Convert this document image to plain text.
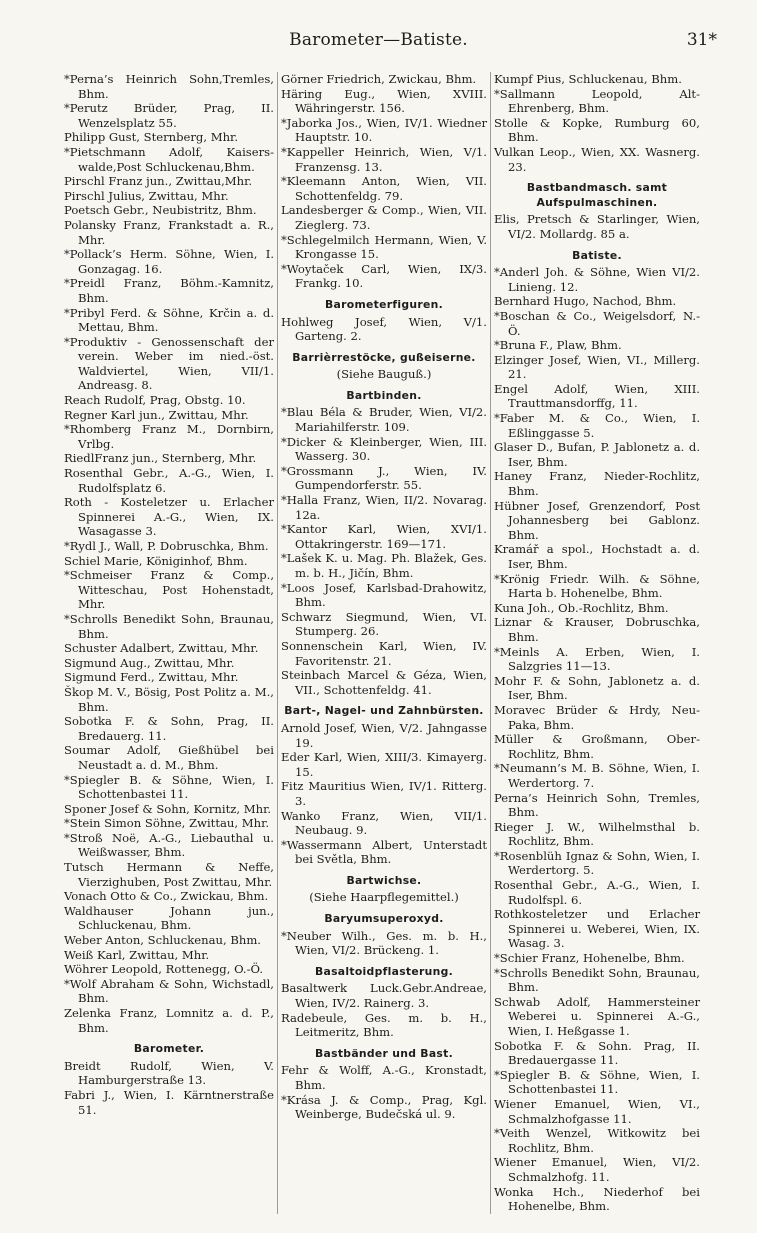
Barometer—Batiste.	31*
*Perna’s Heinrich Sohn,Tremles, Bhm.
*Perutz Brüder, Prag, II. Wenzelsplatz 55.
Philipp Gust, Sternberg, Mhr.
*Pietschmann Adolf, Kaisers-walde,Post Schluckenau,Bhm.
Pirschl Franz jun., Zwittau,Mhr.
Pirschl Julius, Zwittau, Mhr.
Poetsch Gebr., Neubistritz, Bhm.
Polansky Franz, Frankstadt a. R., Mhr.
*Pollack’s Herm. Söhne, Wien, I. Gonzagag. 16.
*Preidl Franz, Böhm.-Kamnitz, Bhm.
*Pribyl Ferd. & Söhne, Krčin a. d. Mettau, Bhm.
*Produktiv - Genossenschaft der verein. Weber im nied.-öst. Waldviertel, Wien, VII/1. Andreasg. 8.
Reach Rudolf, Prag, Obstg. 10.
Regner Karl jun., Zwittau, Mhr.
*Rhomberg Franz M., Dornbirn, Vrlbg.
RiedlFranz jun., Sternberg, Mhr.
Rosenthal Gebr., A.-G., Wien, I. Rudolfsplatz 6.
Roth - Kosteletzer u. Erlacher Spinnerei A.-G., Wien, IX. Wasagasse 3.
*Rydl J., Wall, P. Dobruschka, Bhm.
Schiel Marie, Königinhof, Bhm.
*Schmeiser Franz & Comp., Witteschau, Post Hohenstadt, Mhr.
*Schrolls Benedikt Sohn, Braunau, Bhm.
Schuster Adalbert, Zwittau, Mhr.
Sigmund Aug., Zwittau, Mhr.
Sigmund Ferd., Zwittau, Mhr.
Škop M. V., Bösig, Post Politz a. M., Bhm.
Sobotka F. & Sohn, Prag, II. Bredauerg. 11.
Soumar Adolf, Gießhübel bei Neustadt a. d. M., Bhm.
*Spiegler B. & Söhne, Wien, I. Schottenbastei 11.
Sponer Josef & Sohn, Kornitz, Mhr.
*Stein Simon Söhne, Zwittau, Mhr.
*Stroß Noë, A.-G., Liebauthal u. Weißwasser, Bhm.
Tutsch Hermann & Neffe, Vierzighuben, Post Zwittau, Mhr.
Vonach Otto & Co., Zwickau, Bhm.
Waldhauser Johann jun., Schluckenau, Bhm.
Weber Anton, Schluckenau, Bhm.
Weiß Karl, Zwittau, Mhr.
Wöhrer Leopold, Rottenegg, O.-Ö.
*Wolf Abraham & Sohn, Wichstadl, Bhm.
Zelenka Franz, Lomnitz a. d. P., Bhm.
Barometer.
Breidt Rudolf, Wien, V. Hamburgerstraße 13.
Fabri J., Wien, I. Kärntnerstraße 51.
Görner Friedrich, Zwickau, Bhm.
Häring Eug., Wien, XVIII. Währingerstr. 156.
*Jaborka Jos., Wien, IV/1. Wiedner Hauptstr. 10.
*Kappeller Heinrich, Wien, V/1. Franzensg. 13.
*Kleemann Anton, Wien, VII. Schottenfeldg. 79.
Landesberger & Comp., Wien, VII. Zieglerg. 73.
*Schlegelmilch Hermann, Wien, V. Krongasse 15.
*Woytaček Carl, Wien, IX/3. Frankg. 10.
Barometerfiguren.
Hohlweg Josef, Wien, V/1. Garteng. 2.
Barrièrrestöcke, gußeiserne.
(Siehe Bauguß.)
Bartbinden.
*Blau Béla & Bruder, Wien, VI/2. Mariahilferstr. 109.
*Dicker & Kleinberger, Wien, III. Wasserg. 30.
*Grossmann J., Wien, IV. Gumpendorferstr. 55.
*Halla Franz, Wien, II/2. Novarag. 12a.
*Kantor Karl, Wien, XVI/1. Ottakringerstr. 169—171.
*Lašek K. u. Mag. Ph. Blažek, Ges. m. b. H., Jičín, Bhm.
*Loos Josef, Karlsbad-Drahowitz, Bhm.
Schwarz Siegmund, Wien, VI. Stumperg. 26.
Sonnenschein Karl, Wien, IV. Favoritenstr. 21.
Steinbach Marcel & Géza, Wien, VII., Schottenfeldg. 41.
Bart-, Nagel- und Zahnbürsten.
Arnold Josef, Wien, V/2. Jahngasse 19.
Eder Karl, Wien, XIII/3. Kimayerg. 15.
Fitz Mauritius Wien, IV/1. Ritterg. 3.
Wanko Franz, Wien, VII/1. Neubaug. 9.
*Wassermann Albert, Unterstadt bei Světla, Bhm.
Bartwichse.
(Siehe Haarpflegemittel.)
Baryumsuperoxyd.
*Neuber Wilh., Ges. m. b. H., Wien, VI/2. Brückeng. 1.
Basaltoidpflasterung.
Basaltwerk Luck.Gebr.Andreae, Wien, IV/2. Rainerg. 3.
Radebeule, Ges. m. b. H., Leitmeritz, Bhm.
Bastbänder und Bast.
Fehr & Wolff, A.-G., Kronstadt, Bhm.
*Krása J. & Comp., Prag, Kgl. Weinberge, Budečská ul. 9.
Kumpf Pius, Schluckenau, Bhm.
*Sallmann Leopold, Alt-Ehrenberg, Bhm.
Stolle & Kopke, Rumburg 60, Bhm.
Vulkan Leop., Wien, XX. Wasnerg. 23.
Bastbandmasch. samt Aufspulmaschinen.
Elis, Pretsch & Starlinger, Wien, VI/2. Mollardg. 85 a.
Batiste.
*Anderl Joh. & Söhne, Wien VI/2. Linieng. 12.
Bernhard Hugo, Nachod, Bhm.
*Boschan & Co., Weigelsdorf, N.-Ö.
*Bruna F., Plaw, Bhm.
Elzinger Josef, Wien, VI., Millerg. 21.
Engel Adolf, Wien, XIII. Trauttmansdorffg, 11.
*Faber M. & Co., Wien, I. Eßlinggasse 5.
Glaser D., Bufan, P. Jablonetz a. d. Iser, Bhm.
Haney Franz, Nieder-Rochlitz, Bhm.
Hübner Josef, Grenzendorf, Post Johannesberg bei Gablonz. Bhm.
Kramář a spol., Hochstadt a. d. Iser, Bhm.
*Krönig Friedr. Wilh. & Söhne, Harta b. Hohenelbe, Bhm.
Kuna Joh., Ob.-Rochlitz, Bhm.
Liznar & Krauser, Dobruschka, Bhm.
*Meinls A. Erben, Wien, I. Salzgries 11—13.
Mohr F. & Sohn, Jablonetz a. d. Iser, Bhm.
Moravec Brüder & Hrdy, Neu-Paka, Bhm.
Müller & Großmann, Ober-Rochlitz, Bhm.
*Neumann’s M. B. Söhne, Wien, I. Werdertorg. 7.
Perna’s Heinrich Sohn, Tremles, Bhm.
Rieger J. W., Wilhelmsthal b. Rochlitz, Bhm.
*Rosenblüh Ignaz & Sohn, Wien, I. Werdertorg. 5.
Rosenthal Gebr., A.-G., Wien, I. Rudolfspl. 6.
Rothkosteletzer und Erlacher Spinnerei u. Weberei, Wien, IX. Wasag. 3.
*Schier Franz, Hohenelbe, Bhm.
*Schrolls Benedikt Sohn, Braunau, Bhm.
Schwab Adolf, Hammersteiner Weberei u. Spinnerei A.-G., Wien, I. Heßgasse 1.
Sobotka F. & Sohn. Prag, II. Bredauergasse 11.
*Spiegler B. & Söhne, Wien, I. Schottenbastei 11.
Wiener Emanuel, Wien, VI., Schmalzhofgasse 11.
*Veith Wenzel, Witkowitz bei Rochlitz, Bhm.
Wiener Emanuel, Wien, VI/2. Schmalzhofg. 11.
Wonka Hch., Niederhof bei Hohenelbe, Bhm.
